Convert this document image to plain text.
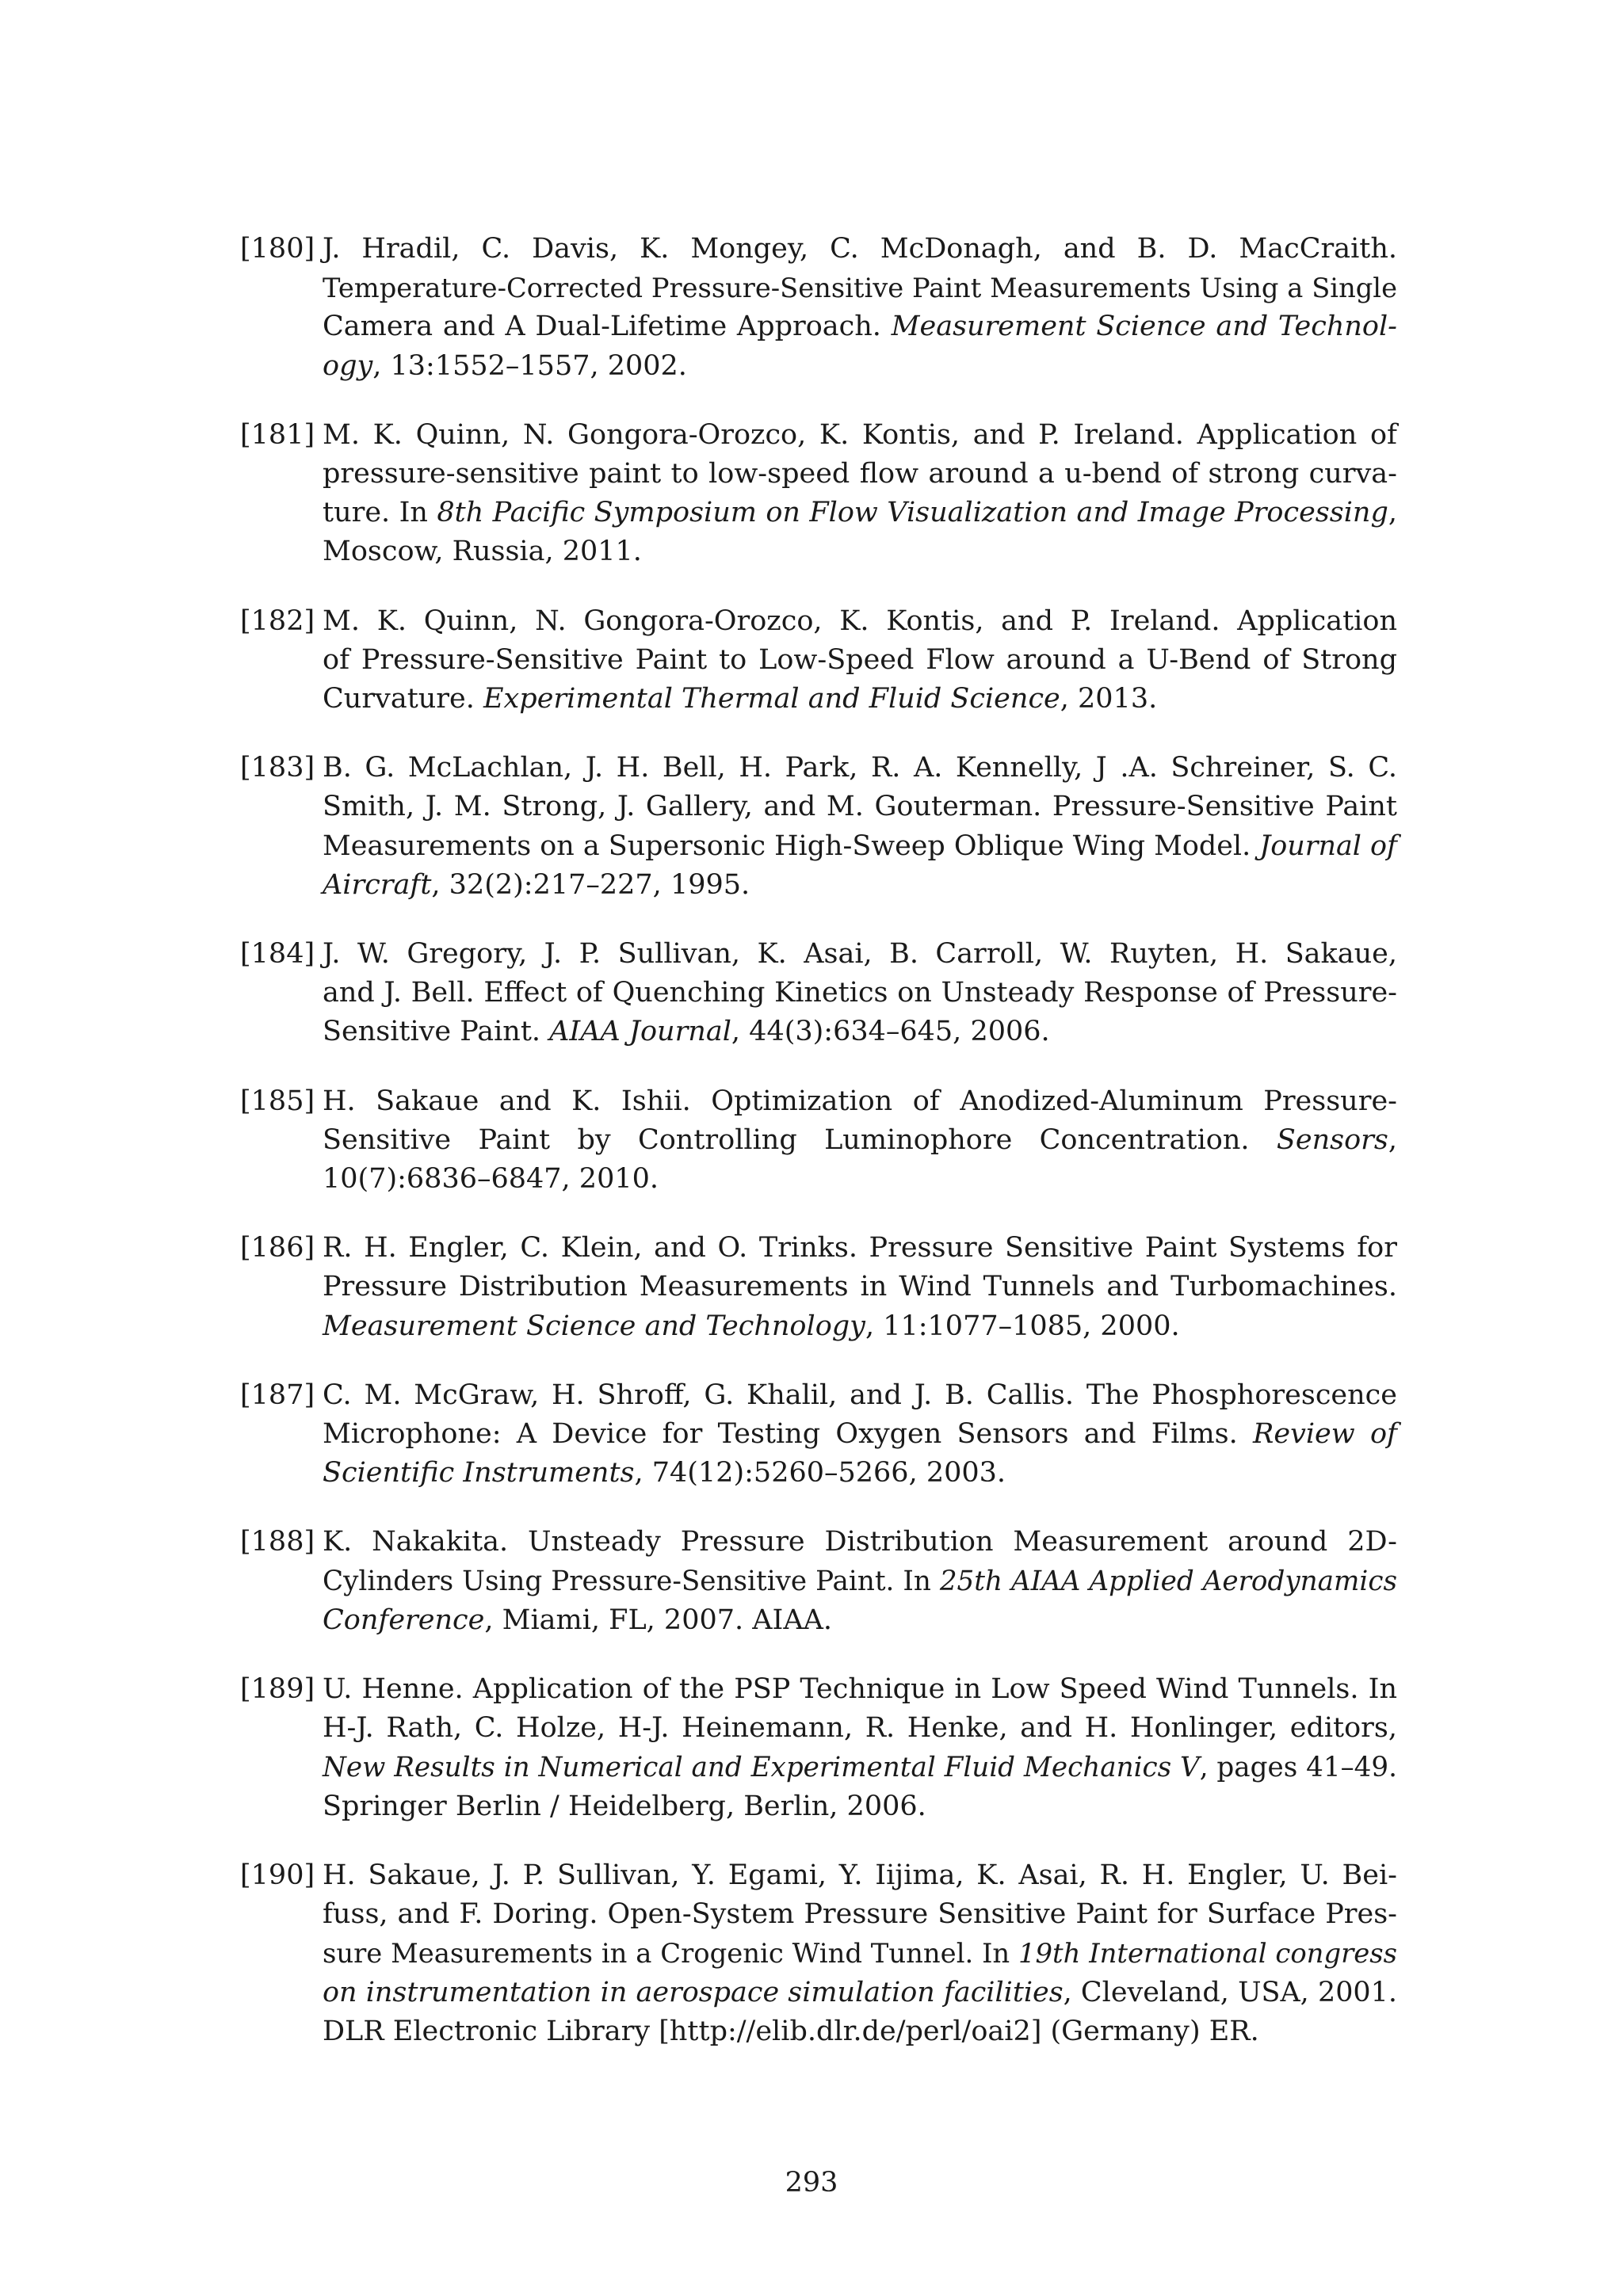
[180] J. Hradil, C. Davis, K. Mongey, C. McDonagh, and B. D. MacCraith.
Temperature-Corrected Pressure-Sensitive Paint Measurements Using a Single
Camera and A Dual-Lifetime Approach. Measurement Science and Technol-
ogy, 13:1552–1557, 2002.
[181] M. K. Quinn, N. Gongora-Orozco, K. Kontis, and P. Ireland. Application of
pressure-sensitive paint to low-speed flow around a u-bend of strong curva-
ture. In 8th Pacific Symposium on Flow Visualization and Image Processing,
Moscow, Russia, 2011.
[182] M. K. Quinn, N. Gongora-Orozco, K. Kontis, and P. Ireland. Application
of Pressure-Sensitive Paint to Low-Speed Flow around a U-Bend of Strong
Curvature. Experimental Thermal and Fluid Science, 2013.
[183] B. G. McLachlan, J. H. Bell, H. Park, R. A. Kennelly, J .A. Schreiner, S. C.
Smith, J. M. Strong, J. Gallery, and M. Gouterman. Pressure-Sensitive Paint
Measurements on a Supersonic High-Sweep Oblique Wing Model. Journal of
Aircraft, 32(2):217–227, 1995.
[184] J. W. Gregory, J. P. Sullivan, K. Asai, B. Carroll, W. Ruyten, H. Sakaue,
and J. Bell. Effect of Quenching Kinetics on Unsteady Response of Pressure-
Sensitive Paint. AIAA Journal, 44(3):634–645, 2006.
[185] H. Sakaue and K. Ishii. Optimization of Anodized-Aluminum Pressure-
Sensitive Paint by Controlling Luminophore Concentration. Sensors,
10(7):6836–6847, 2010.
[186] R. H. Engler, C. Klein, and O. Trinks. Pressure Sensitive Paint Systems for
Pressure Distribution Measurements in Wind Tunnels and Turbomachines.
Measurement Science and Technology, 11:1077–1085, 2000.
[187] C. M. McGraw, H. Shroff, G. Khalil, and J. B. Callis. The Phosphorescence
Microphone: A Device for Testing Oxygen Sensors and Films. Review of
Scientific Instruments, 74(12):5260–5266, 2003.
[188] K. Nakakita. Unsteady Pressure Distribution Measurement around 2D-
Cylinders Using Pressure-Sensitive Paint. In 25th AIAA Applied Aerodynamics
Conference, Miami, FL, 2007. AIAA.
[189] U. Henne. Application of the PSP Technique in Low Speed Wind Tunnels. In
H-J. Rath, C. Holze, H-J. Heinemann, R. Henke, and H. Honlinger, editors,
New Results in Numerical and Experimental Fluid Mechanics V, pages 41–49.
Springer Berlin / Heidelberg, Berlin, 2006.
[190] H. Sakaue, J. P. Sullivan, Y. Egami, Y. Iijima, K. Asai, R. H. Engler, U. Bei-
fuss, and F. Doring. Open-System Pressure Sensitive Paint for Surface Pres-
sure Measurements in a Crogenic Wind Tunnel. In 19th International congress
on instrumentation in aerospace simulation facilities, Cleveland, USA, 2001.
DLR Electronic Library [http://elib.dlr.de/perl/oai2] (Germany) ER.
293
